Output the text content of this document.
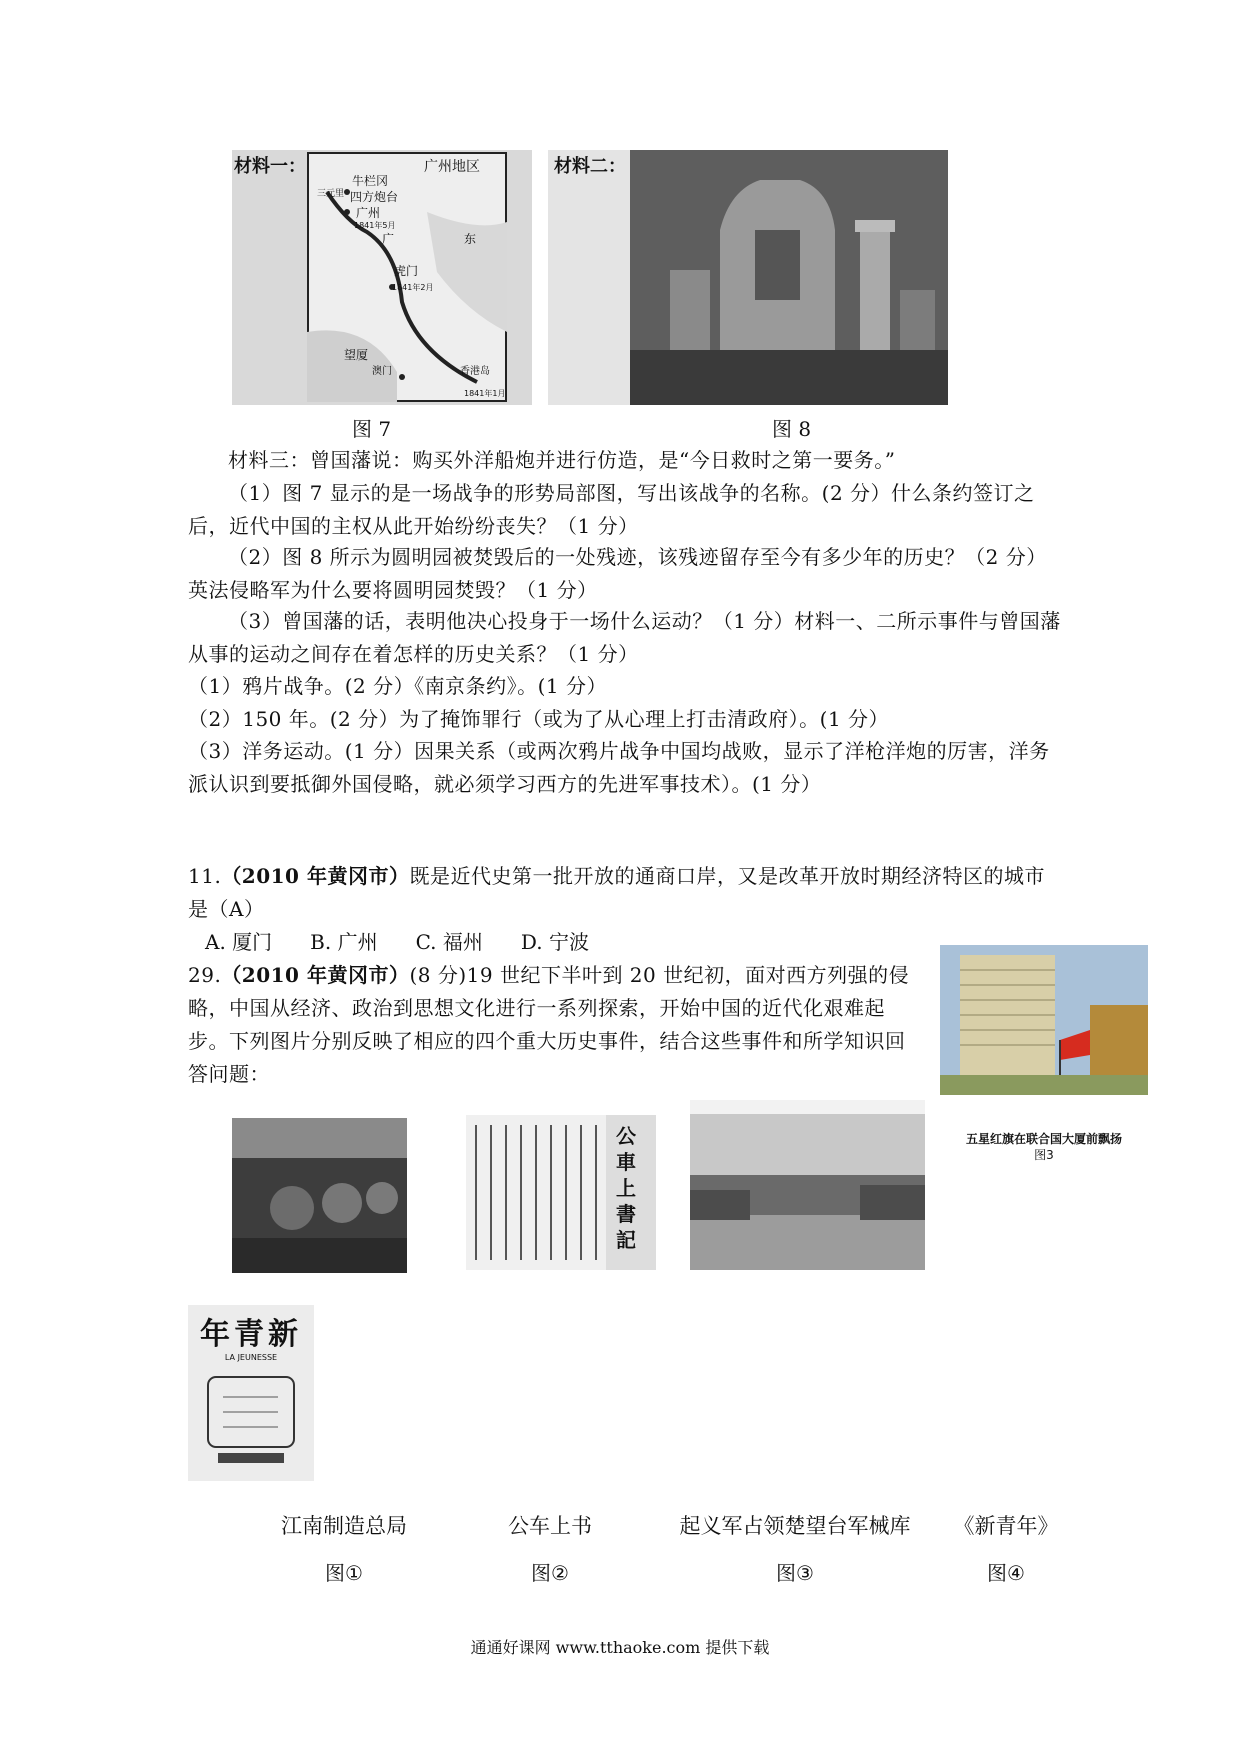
材料一：	广州地区
牛栏冈
三元里 四方炮台
广州
1841年5月
虎门
1841年2月
望厦
澳门	香港岛
1841年1月
东
广
材料二：
图 7	图 8
材料三：曾国藩说：购买外洋船炮并进行仿造，是“今日救时之第一要务。”
（1）图 7 显示的是一场战争的形势局部图，写出该战争的名称。(2 分）什么条约签订之后，近代中国的主权从此开始纷纷丧失？（1 分）
（2）图 8 所示为圆明园被焚毁后的一处残迹，该残迹留存至今有多少年的历史？（2 分）英法侵略军为什么要将圆明园焚毁？（1 分）
（3）曾国藩的话，表明他决心投身于一场什么运动？（1 分）材料一、二所示事件与曾国藩从事的运动之间存在着怎样的历史关系？（1 分）
（1）鸦片战争。(2 分）《南京条约》。(1 分）
（2）150 年。(2 分）为了掩饰罪行（或为了从心理上打击清政府）。(1 分）
（3）洋务运动。(1 分）因果关系（或两次鸦片战争中国均战败，显示了洋枪洋炮的厉害，洋务派认识到要抵御外国侵略，就必须学习西方的先进军事技术）。(1 分）
11.（2010 年黄冈市）既是近代史第一批开放的通商口岸，又是改革开放时期经济特区的城市是（A）
A. 厦门 B. 广州 C. 福州 D. 宁波
29.（2010 年黄冈市）(8 分)19 世纪下半叶到 20 世纪初，面对西方列强的侵略，中国从经济、政治到思想文化进行一系列探索，开始中国的近代化艰难起步。下列图片分别反映了相应的四个重大历史事件，结合这些事件和所学知识回答问题：
五星红旗在联合国大厦前飘扬
图3
公車上書記
年青新
LA JEUNESSE
江南制造总局	公车上书	起义军占领楚望台军械库	《新青年》
图①	图②	图③	图④
通通好课网 www.tthaoke.com 提供下载
